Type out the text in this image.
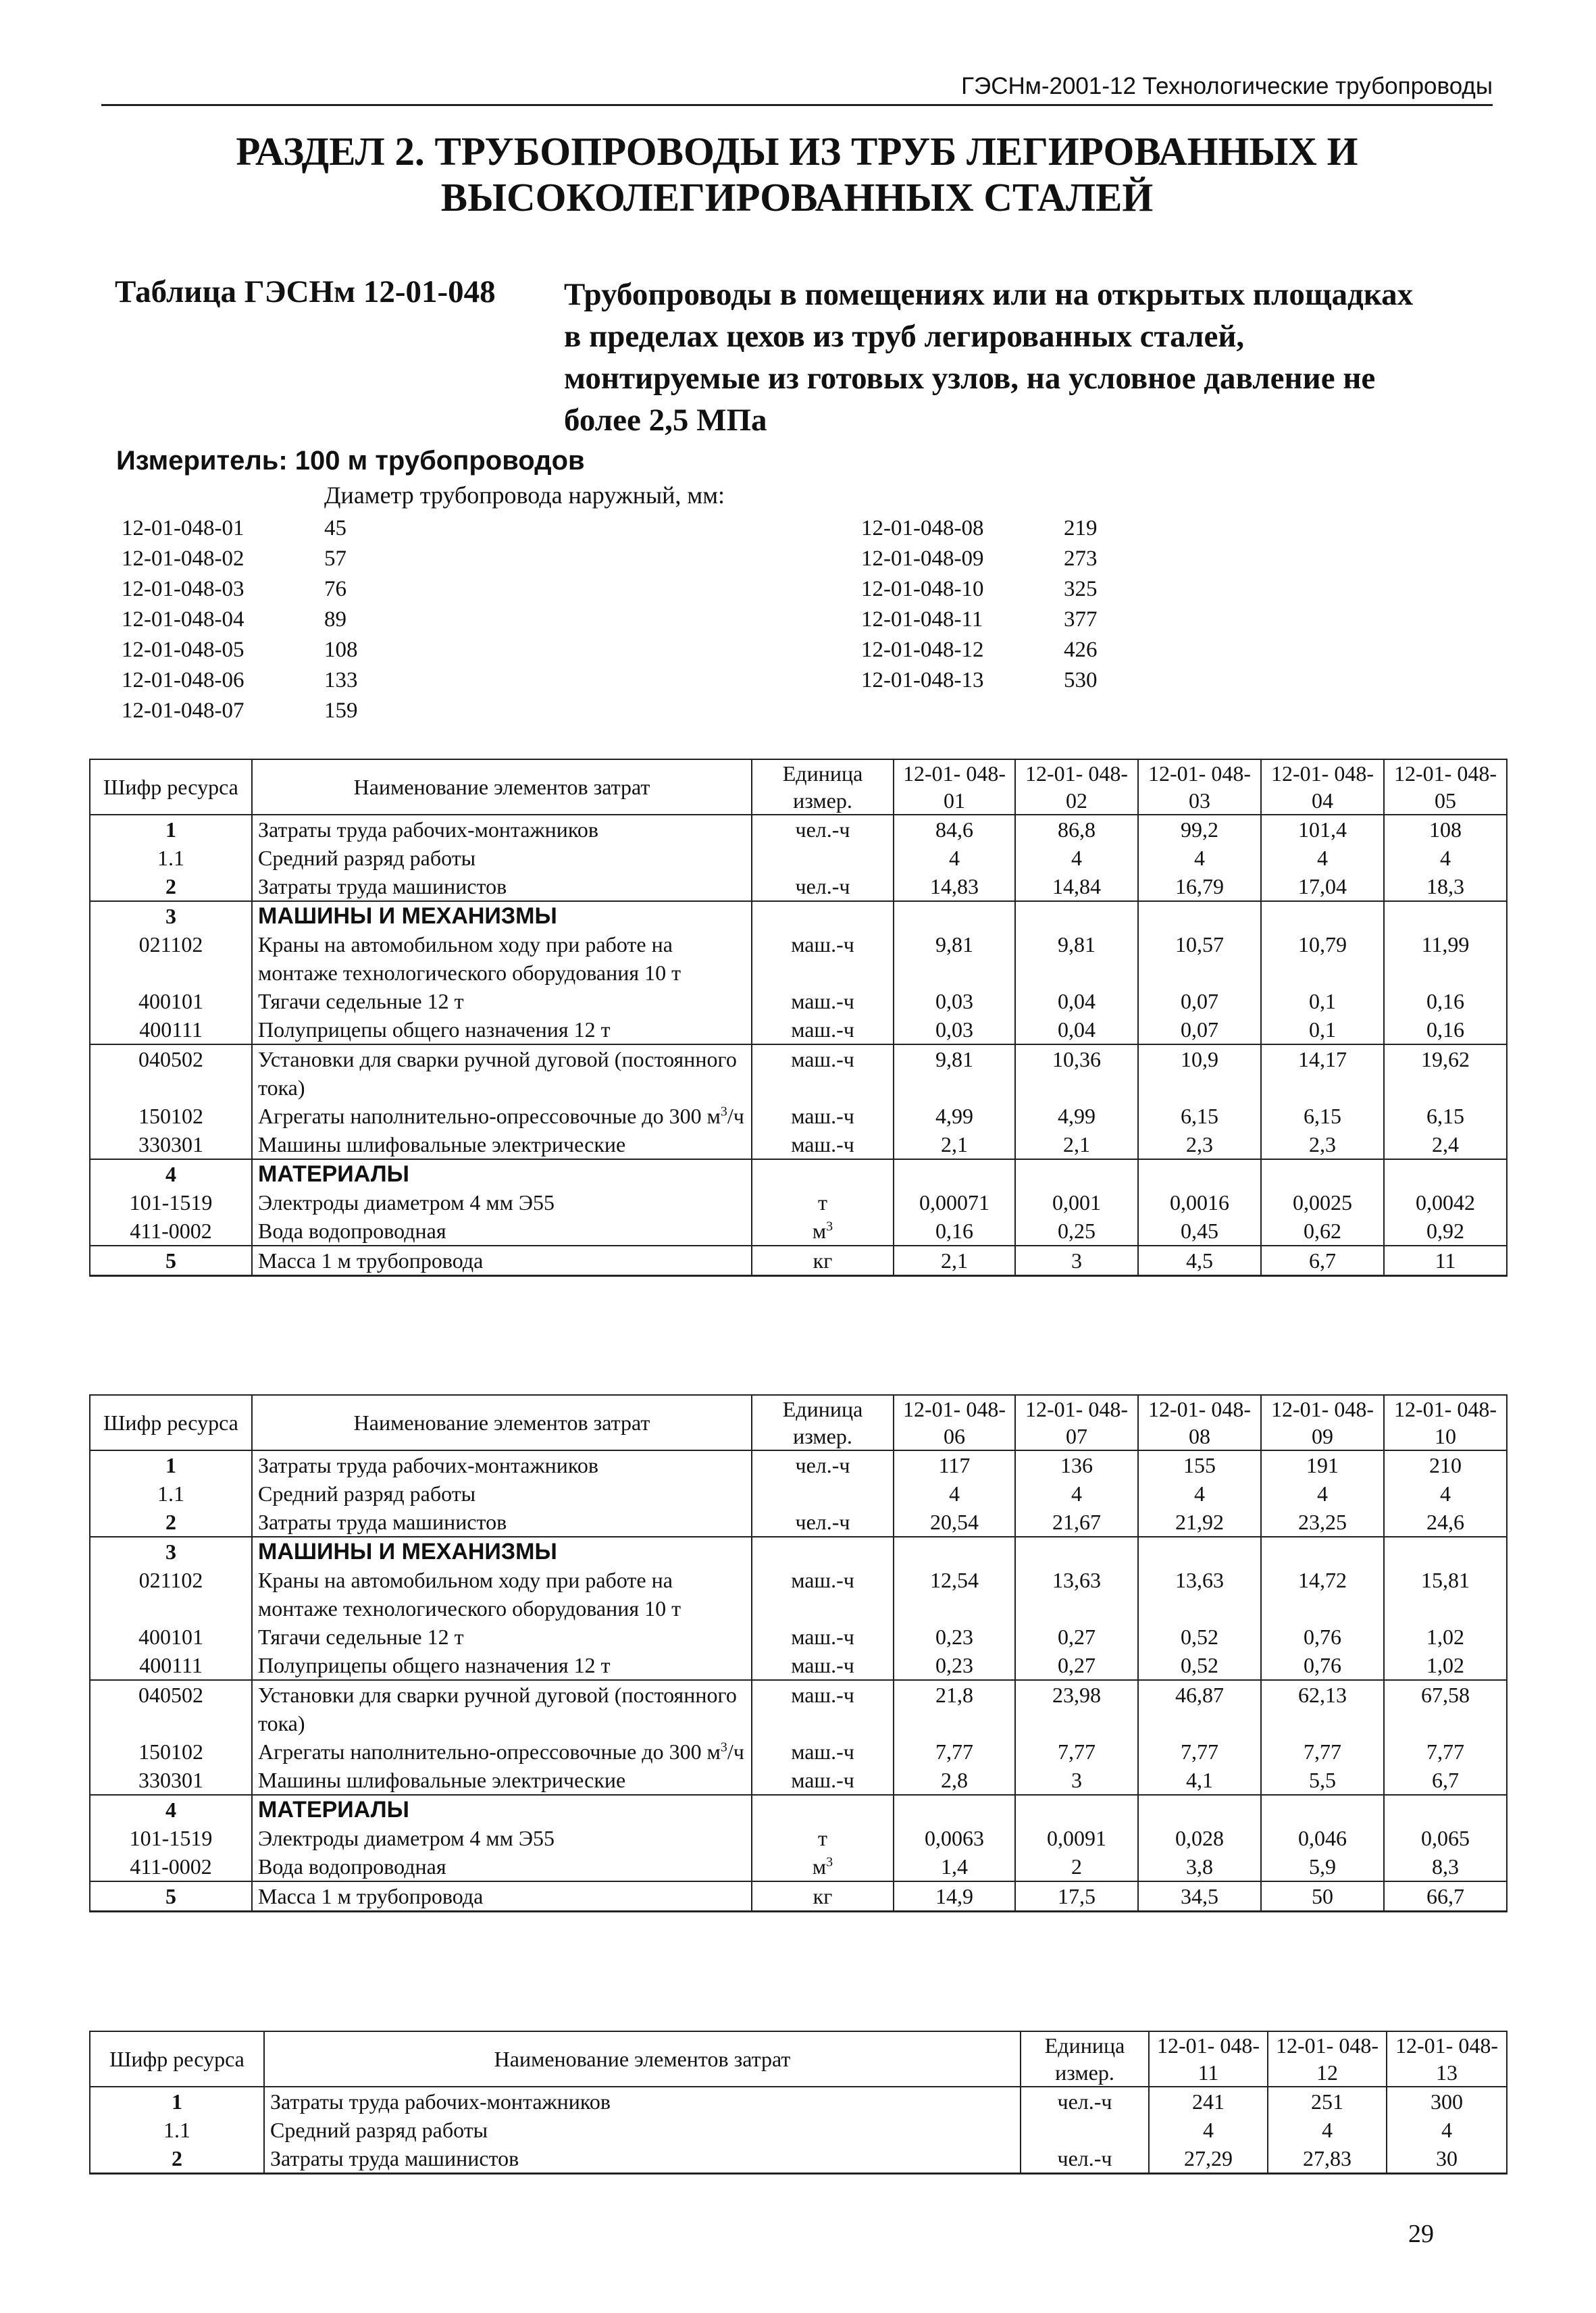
ГЭСНм-2001-12 Технологические трубопроводы
РАЗДЕЛ 2. ТРУБОПРОВОДЫ ИЗ ТРУБ ЛЕГИРОВАННЫХ И
ВЫСОКОЛЕГИРОВАННЫХ СТАЛЕЙ
Таблица ГЭСНм 12-01-048 Трубопроводы в помещениях или на открытых площадках
в пределах цехов из труб легированных сталей,
монтируемые из готовых узлов, на условное давление не
более 2,5 МПа
Измеритель: 100 м трубопроводов
Диаметр трубопровода наружный, мм:
12-01-048-01	45
12-01-048-02	57
12-01-048-03	76
12-01-048-04	89
12-01-048-05	108
12-01-048-06	133
12-01-048-07	159
12-01-048-08	219
12-01-048-09	273
12-01-048-10	325
12-01-048-11	377
12-01-048-12	426
12-01-048-13	530
Шифр ресурса	Наименование элементов затрат	Единица измер.	12-01- 048-01	12-01- 048-02	12-01- 048-03	12-01- 048-04	12-01- 048-05
1	Затраты труда рабочих-монтажников	чел.-ч	84,6	86,8	99,2	101,4	108
1.1	Средний разряд работы		4	4	4	4	4
2	Затраты труда машинистов	чел.-ч	14,83	14,84	16,79	17,04	18,3
3	МАШИНЫ И МЕХАНИЗМЫ						
021102	Краны на автомобильном ходу при работе на монтаже технологического оборудования 10 т	маш.-ч	9,81	9,81	10,57	10,79	11,99
400101	Тягачи седельные 12 т	маш.-ч	0,03	0,04	0,07	0,1	0,16
400111	Полуприцепы общего назначения 12 т	маш.-ч	0,03	0,04	0,07	0,1	0,16
040502	Установки для сварки ручной дуговой (постоянного тока)	маш.-ч	9,81	10,36	10,9	14,17	19,62
150102	Агрегаты наполнительно-опрессовочные до 300 $м^3/ч$	маш.-ч	4,99	4,99	6,15	6,15	6,15
330301	Машины шлифовальные электрические	маш.-ч	2,1	2,1	2,3	2,3	2,4
4	МАТЕРИАЛЫ						
101-1519	Электроды диаметром 4 мм Э55	т	0,00071	0,001	0,0016	0,0025	0,0042
411-0002	Вода водопроводная	$м^3$	0,16	0,25	0,45	0,62	0,92
5	Масса 1 м трубопровода	кг	2,1	3	4,5	6,7	11
Шифр ресурса	Наименование элементов затрат	Единица измер.	12-01- 048-06	12-01- 048-07	12-01- 048-08	12-01- 048-09	12-01- 048-10
1	Затраты труда рабочих-монтажников	чел.-ч	117	136	155	191	210
1.1	Средний разряд работы		4	4	4	4	4
2	Затраты труда машинистов	чел.-ч	20,54	21,67	21,92	23,25	24,6
3	МАШИНЫ И МЕХАНИЗМЫ						
021102	Краны на автомобильном ходу при работе на монтаже технологического оборудования 10 т	маш.-ч	12,54	13,63	13,63	14,72	15,81
400101	Тягачи седельные 12 т	маш.-ч	0,23	0,27	0,52	0,76	1,02
400111	Полуприцепы общего назначения 12 т	маш.-ч	0,23	0,27	0,52	0,76	1,02
040502	Установки для сварки ручной дуговой (постоянного тока)	маш.-ч	21,8	23,98	46,87	62,13	67,58
150102	Агрегаты наполнительно-опрессовочные до 300 $м^3/ч$	маш.-ч	7,77	7,77	7,77	7,77	7,77
330301	Машины шлифовальные электрические	маш.-ч	2,8	3	4,1	5,5	6,7
4	МАТЕРИАЛЫ						
101-1519	Электроды диаметром 4 мм Э55	т	0,0063	0,0091	0,028	0,046	0,065
411-0002	Вода водопроводная	$м^3$	1,4	2	3,8	5,9	8,3
5	Масса 1 м трубопровода	кг	14,9	17,5	34,5	50	66,7
Шифр ресурса	Наименование элементов затрат	Единица измер.	12-01- 048-11	12-01- 048-12	12-01- 048-13
1	Затраты труда рабочих-монтажников	чел.-ч	241	251	300
1.1	Средний разряд работы		4	4	4
2	Затраты труда машинистов	чел.-ч	27,29	27,83	30
29
